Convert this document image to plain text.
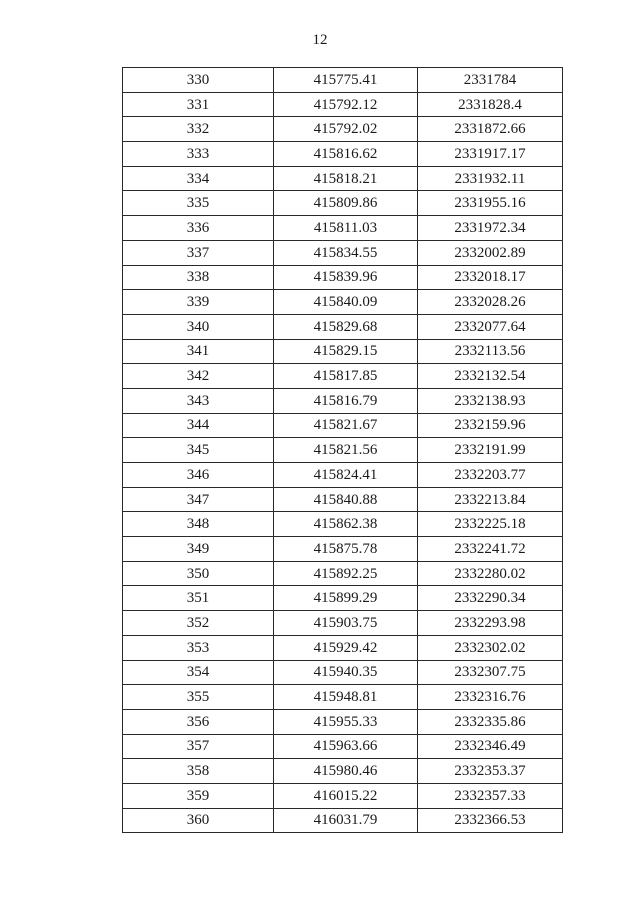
12
330	415775.41	2331784
331	415792.12	2331828.4
332	415792.02	2331872.66
333	415816.62	2331917.17
334	415818.21	2331932.11
335	415809.86	2331955.16
336	415811.03	2331972.34
337	415834.55	2332002.89
338	415839.96	2332018.17
339	415840.09	2332028.26
340	415829.68	2332077.64
341	415829.15	2332113.56
342	415817.85	2332132.54
343	415816.79	2332138.93
344	415821.67	2332159.96
345	415821.56	2332191.99
346	415824.41	2332203.77
347	415840.88	2332213.84
348	415862.38	2332225.18
349	415875.78	2332241.72
350	415892.25	2332280.02
351	415899.29	2332290.34
352	415903.75	2332293.98
353	415929.42	2332302.02
354	415940.35	2332307.75
355	415948.81	2332316.76
356	415955.33	2332335.86
357	415963.66	2332346.49
358	415980.46	2332353.37
359	416015.22	2332357.33
360	416031.79	2332366.53
